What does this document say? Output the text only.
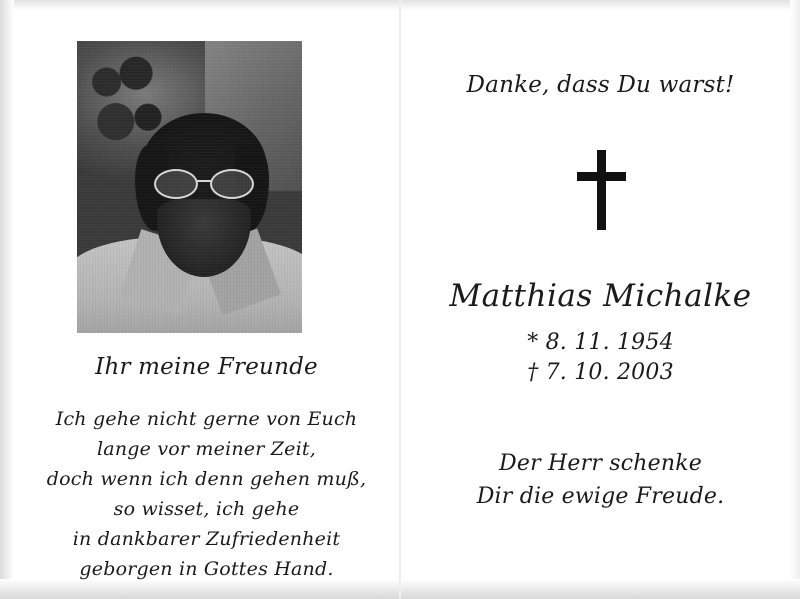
Ihr meine Freunde
Ich gehe nicht gerne von Euch
lange vor meiner Zeit,
doch wenn ich denn gehen muß,
so wisset, ich gehe
in dankbarer Zufriedenheit
geborgen in Gottes Hand.
Danke, dass Du warst!
Matthias Michalke
* 8. 11. 1954
† 7. 10. 2003
Der Herr schenke
Dir die ewige Freude.
